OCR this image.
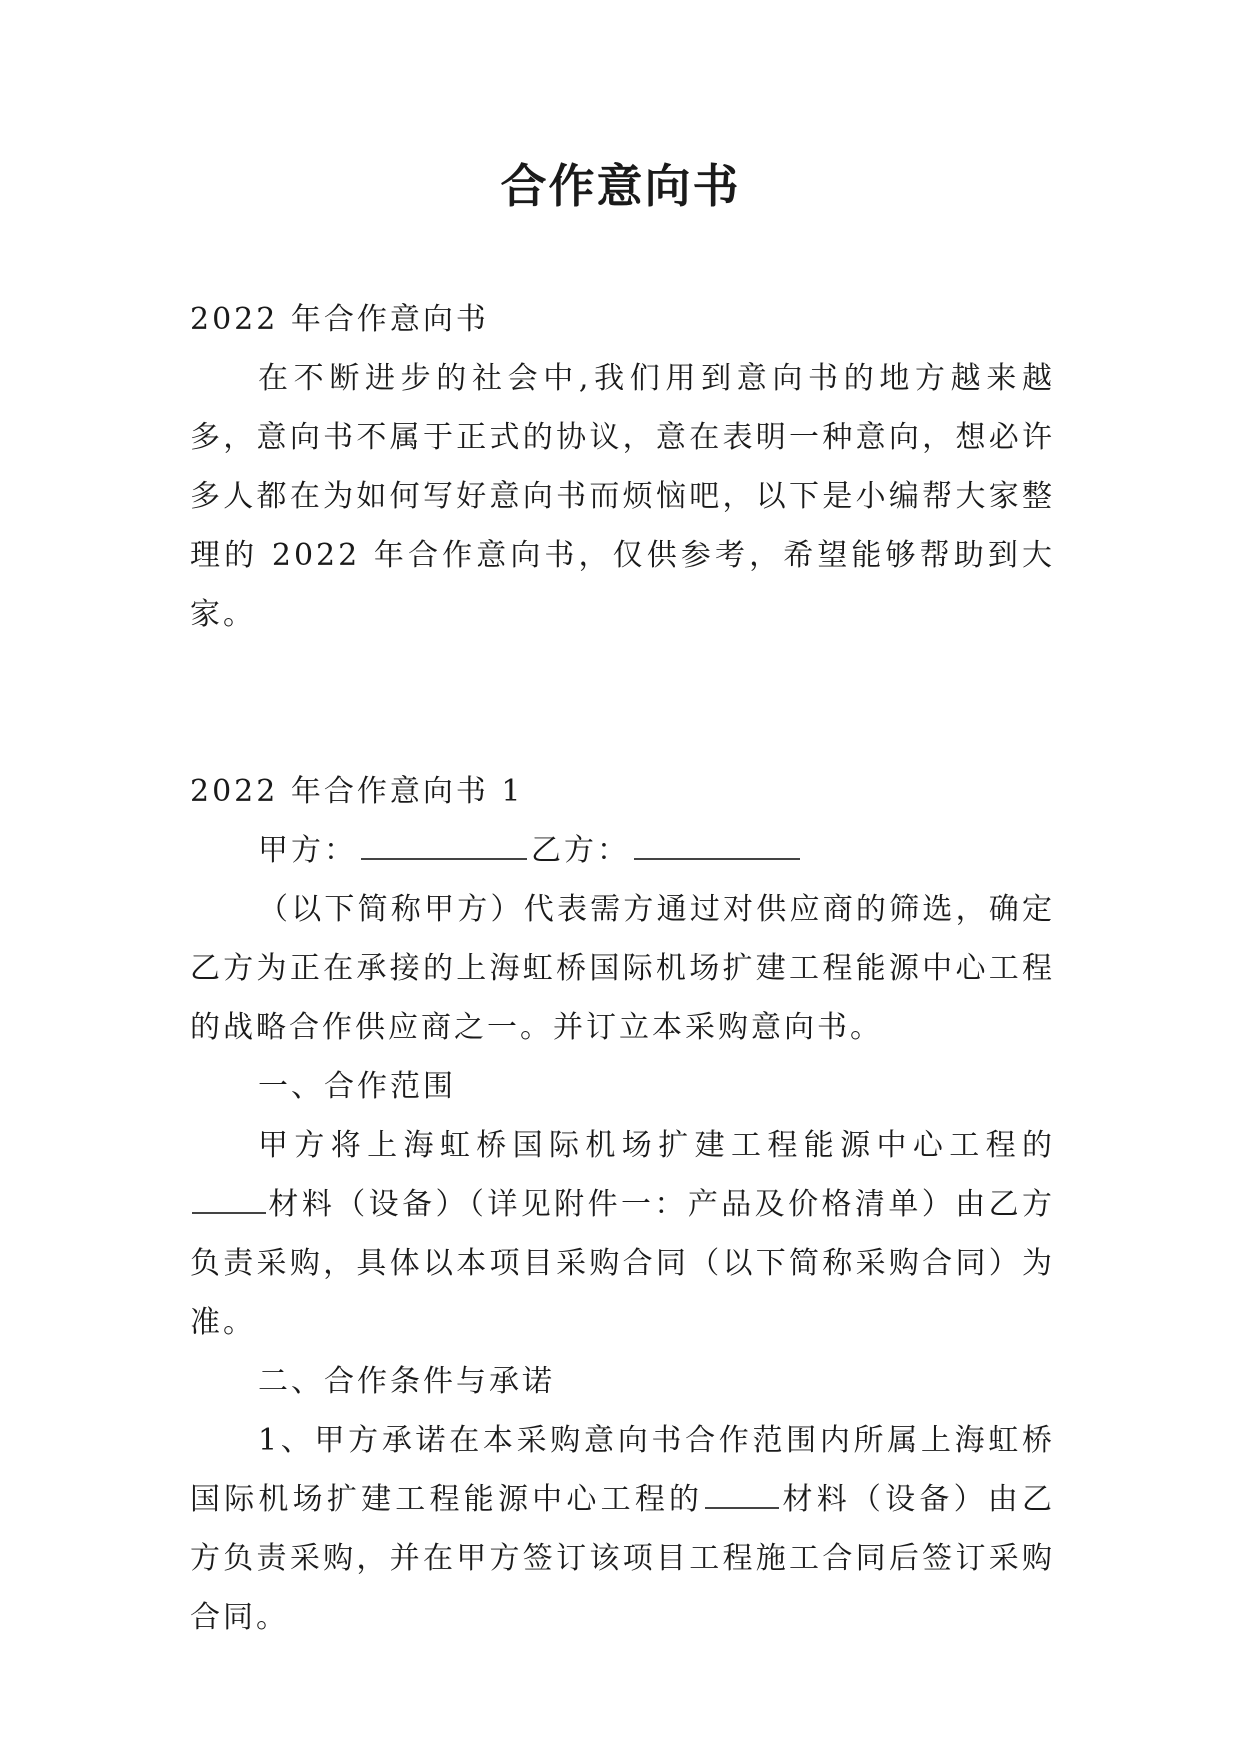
合作意向书

2022 年合作意向书

在不断进步的社会中,我们用到意向书的地方越来越多，意向书不属于正式的协议，意在表明一种意向，想必许多人都在为如何写好意向书而烦恼吧，以下是小编帮大家整理的 2022 年合作意向书，仅供参考，希望能够帮助到大家。

2022 年合作意向书 1

甲方：	乙方：

（以下简称甲方）代表需方通过对供应商的筛选，确定乙方为正在承接的上海虹桥国际机场扩建工程能源中心工程的战略合作供应商之一。并订立本采购意向书。

一、合作范围

甲方将上海虹桥国际机场扩建工程能源中心工程的材料（设备）（详见附件一：产品及价格清单）由乙方负责采购，具体以本项目采购合同（以下简称采购合同）为准。

二、合作条件与承诺

1、甲方承诺在本采购意向书合作范围内所属上海虹桥国际机场扩建工程能源中心工程的	材料（设备）由乙方负责采购，并在甲方签订该项目工程施工合同后签订采购合同。
